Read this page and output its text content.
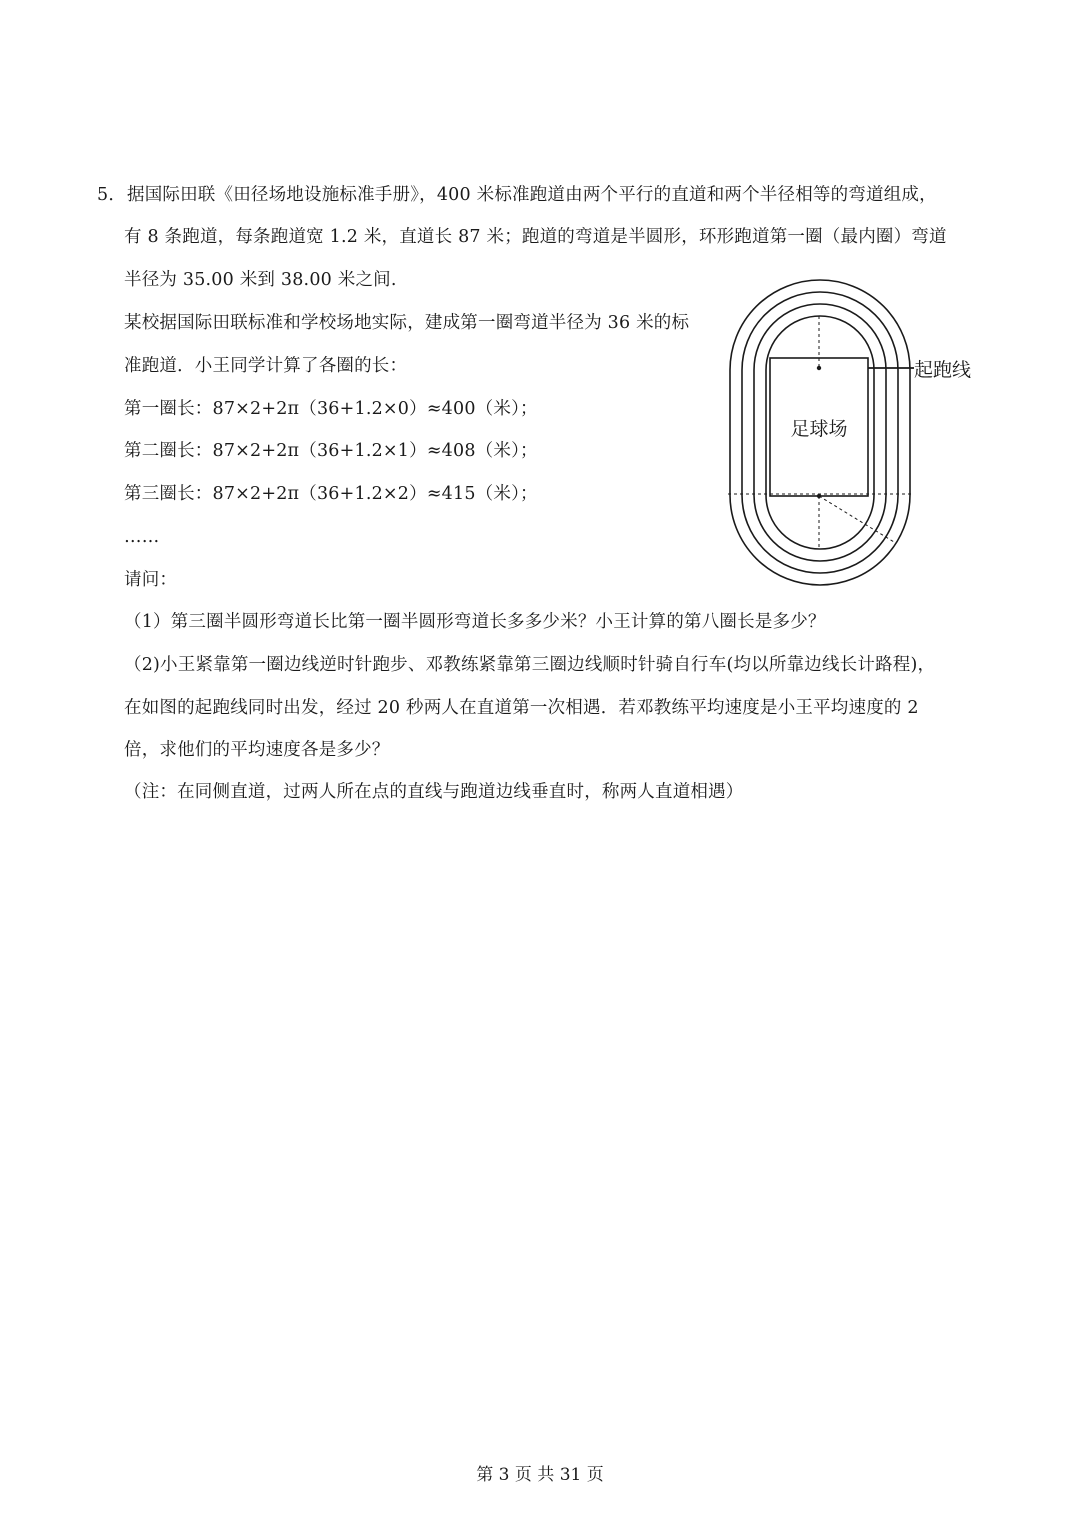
5． 据国际田联《田径场地设施标准手册》，400 米标准跑道由两个平行的直道和两个半径相等的弯道组成，
有 8 条跑道，每条跑道宽 1.2 米，直道长 87 米；跑道的弯道是半圆形，环形跑道第一圈（最内圈）弯道
半径为 35.00 米到 38.00 米之间.
某校据国际田联标准和学校场地实际，建成第一圈弯道半径为 36 米的标
准跑道．小王同学计算了各圈的长：
第一圈长：87×2+2π（36+1.2×0）≈400（米）；
第二圈长：87×2+2π（36+1.2×1）≈408（米）；
第三圈长：87×2+2π（36+1.2×2）≈415（米）；
……
请问：
（1）第三圈半圆形弯道长比第一圈半圆形弯道长多多少米？小王计算的第八圈长是多少？
（2)小王紧靠第一圈边线逆时针跑步、邓教练紧靠第三圈边线顺时针骑自行车(均以所靠边线长计路程)，
在如图的起跑线同时出发，经过 20 秒两人在直道第一次相遇．若邓教练平均速度是小王平均速度的 2
倍，求他们的平均速度各是多少？
（注：在同侧直道，过两人所在点的直线与跑道边线垂直时，称两人直道相遇）
足球场
起跑线
第 3 页 共 31 页
